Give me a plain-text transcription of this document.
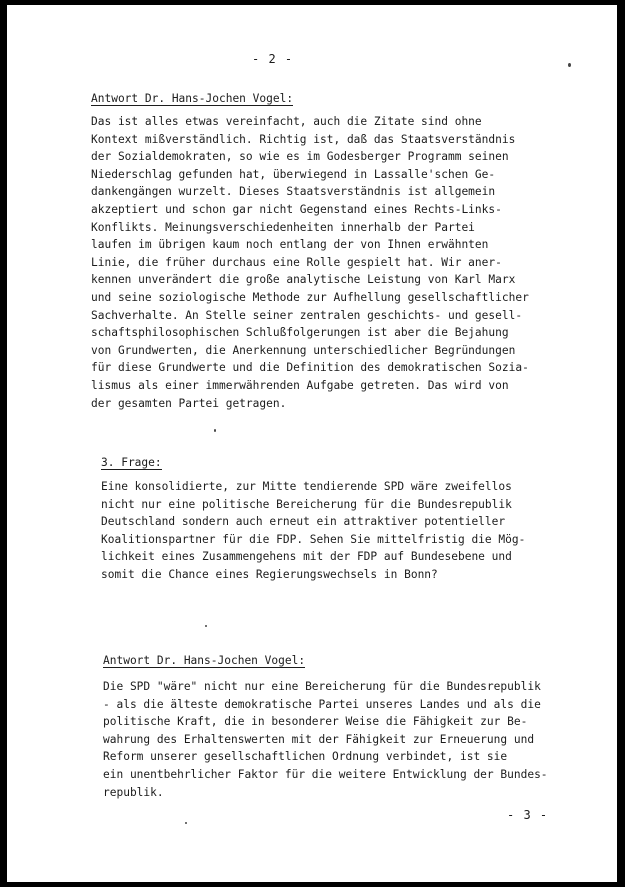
- 2 -
Antwort Dr. Hans-Jochen Vogel:
Das ist alles etwas vereinfacht, auch die Zitate sind ohne
Kontext mißverständlich. Richtig ist, daß das Staatsverständnis
der Sozialdemokraten, so wie es im Godesberger Programm seinen
Niederschlag gefunden hat, überwiegend in Lassalle'schen Ge-
dankengängen wurzelt. Dieses Staatsverständnis ist allgemein
akzeptiert und schon gar nicht Gegenstand eines Rechts-Links-
Konflikts. Meinungsverschiedenheiten innerhalb der Partei
laufen im übrigen kaum noch entlang der von Ihnen erwähnten
Linie, die früher durchaus eine Rolle gespielt hat. Wir aner-
kennen unverändert die große analytische Leistung von Karl Marx
und seine soziologische Methode zur Aufhellung gesellschaftlicher
Sachverhalte. An Stelle seiner zentralen geschichts- und gesell-
schaftsphilosophischen Schlußfolgerungen ist aber die Bejahung
von Grundwerten, die Anerkennung unterschiedlicher Begründungen
für diese Grundwerte und die Definition des demokratischen Sozia-
lismus als einer immerwährenden Aufgabe getreten. Das wird von
der gesamten Partei getragen.
3. Frage:
Eine konsolidierte, zur Mitte tendierende SPD wäre zweifellos
nicht nur eine politische Bereicherung für die Bundesrepublik
Deutschland sondern auch erneut ein attraktiver potentieller
Koalitionspartner für die FDP. Sehen Sie mittelfristig die Mög-
lichkeit eines Zusammengehens mit der FDP auf Bundesebene und
somit die Chance eines Regierungswechsels in Bonn?
Antwort Dr. Hans-Jochen Vogel:
Die SPD "wäre" nicht nur eine Bereicherung für die Bundesrepublik
- als die älteste demokratische Partei unseres Landes und als die
politische Kraft, die in besonderer Weise die Fähigkeit zur Be-
wahrung des Erhaltenswerten mit der Fähigkeit zur Erneuerung und
Reform unserer gesellschaftlichen Ordnung verbindet, ist sie
ein unentbehrlicher Faktor für die weitere Entwicklung der Bundes-
republik.
- 3 -
